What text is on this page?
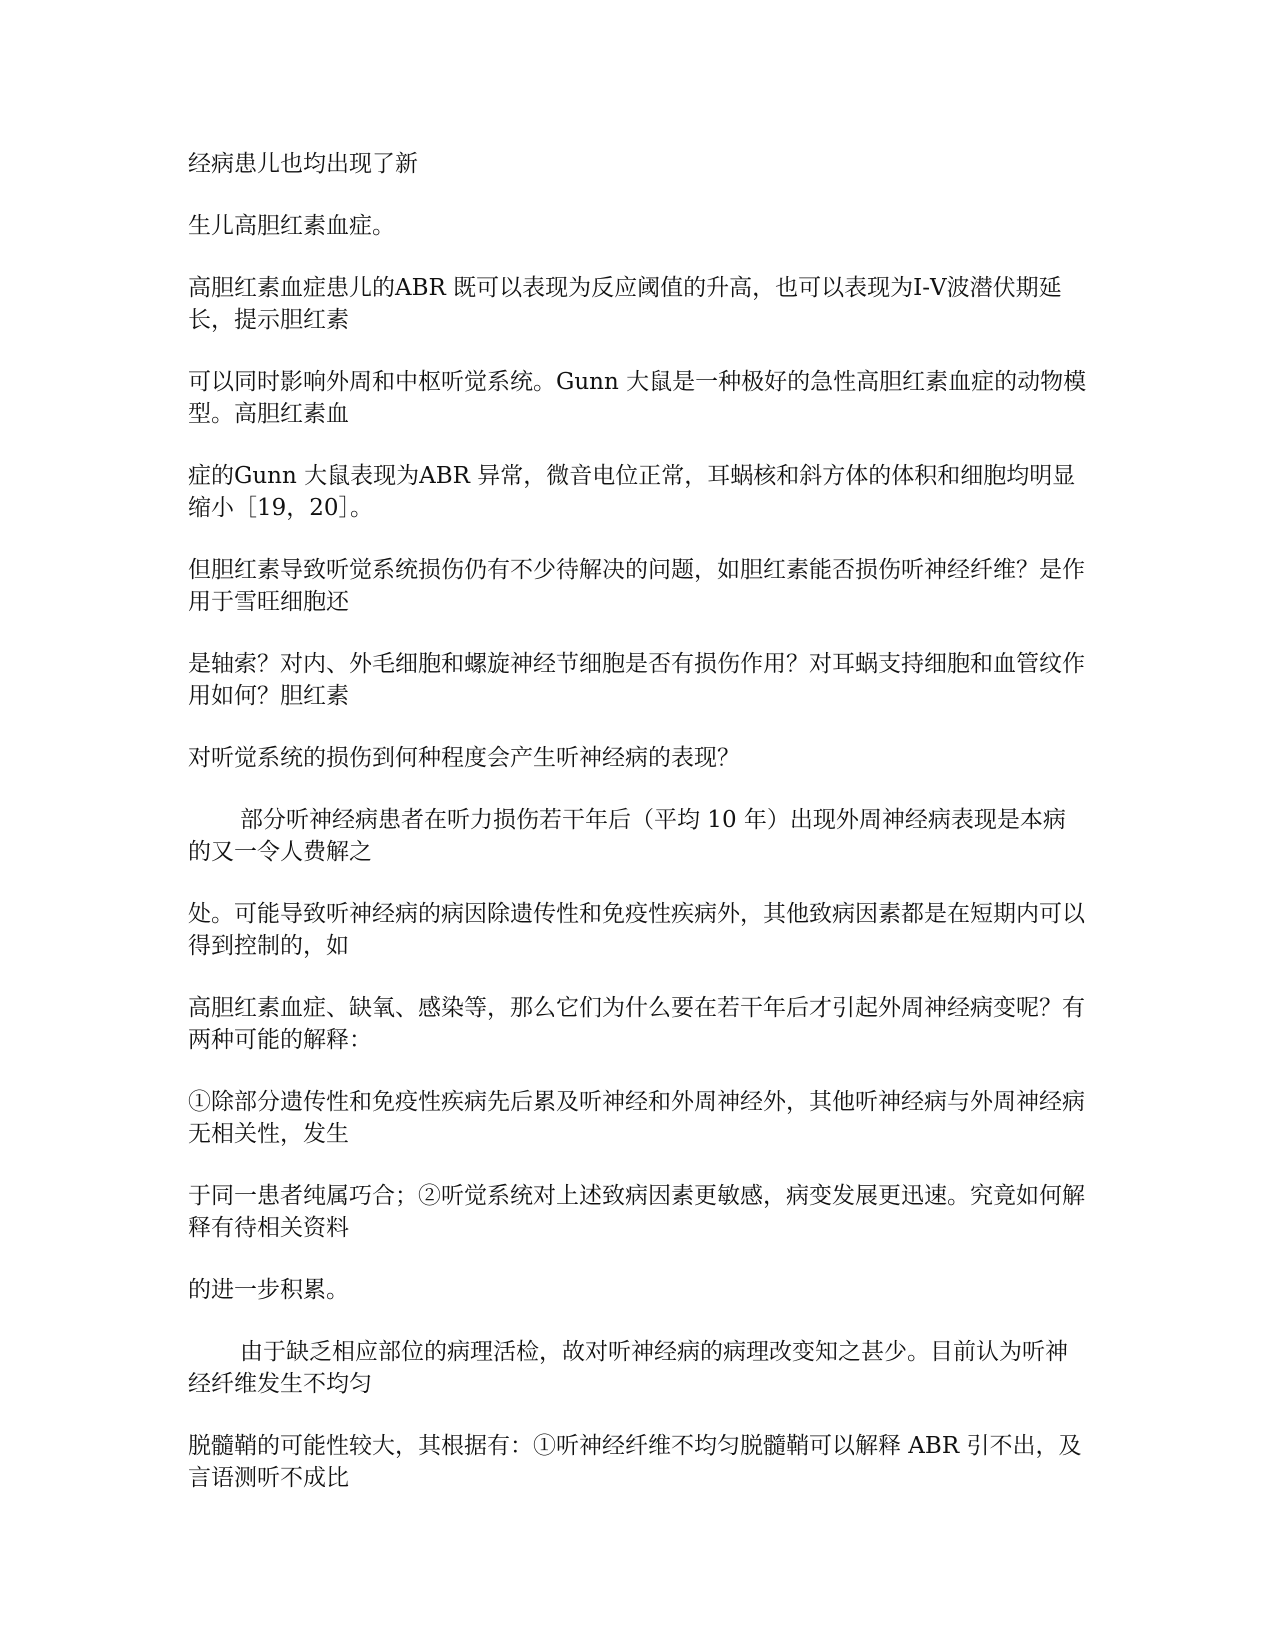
经病患儿也均出现了新

生儿高胆红素血症。

高胆红素血症患儿的ABR 既可以表现为反应阈值的升高，也可以表现为Ⅰ-Ⅴ波潜伏期延长，提示胆红素

可以同时影响外周和中枢听觉系统。Gunn 大鼠是一种极好的急性高胆红素血症的动物模型。高胆红素血

症的Gunn 大鼠表现为ABR 异常，微音电位正常，耳蜗核和斜方体的体积和细胞均明显缩小［19，20］。

但胆红素导致听觉系统损伤仍有不少待解决的问题，如胆红素能否损伤听神经纤维？是作用于雪旺细胞还

是轴索？对内、外毛细胞和螺旋神经节细胞是否有损伤作用？对耳蜗支持细胞和血管纹作用如何？胆红素

对听觉系统的损伤到何种程度会产生听神经病的表现？

部分听神经病患者在听力损伤若干年后（平均 10 年）出现外周神经病表现是本病的又一令人费解之

处。可能导致听神经病的病因除遗传性和免疫性疾病外，其他致病因素都是在短期内可以得到控制的，如

高胆红素血症、缺氧、感染等，那么它们为什么要在若干年后才引起外周神经病变呢？有两种可能的解释：

①除部分遗传性和免疫性疾病先后累及听神经和外周神经外，其他听神经病与外周神经病无相关性，发生

于同一患者纯属巧合；②听觉系统对上述致病因素更敏感，病变发展更迅速。究竟如何解释有待相关资料

的进一步积累。

由于缺乏相应部位的病理活检，故对听神经病的病理改变知之甚少。目前认为听神经纤维发生不均匀

脱髓鞘的可能性较大，其根据有：①听神经纤维不均匀脱髓鞘可以解释 ABR 引不出，及言语测听不成比
